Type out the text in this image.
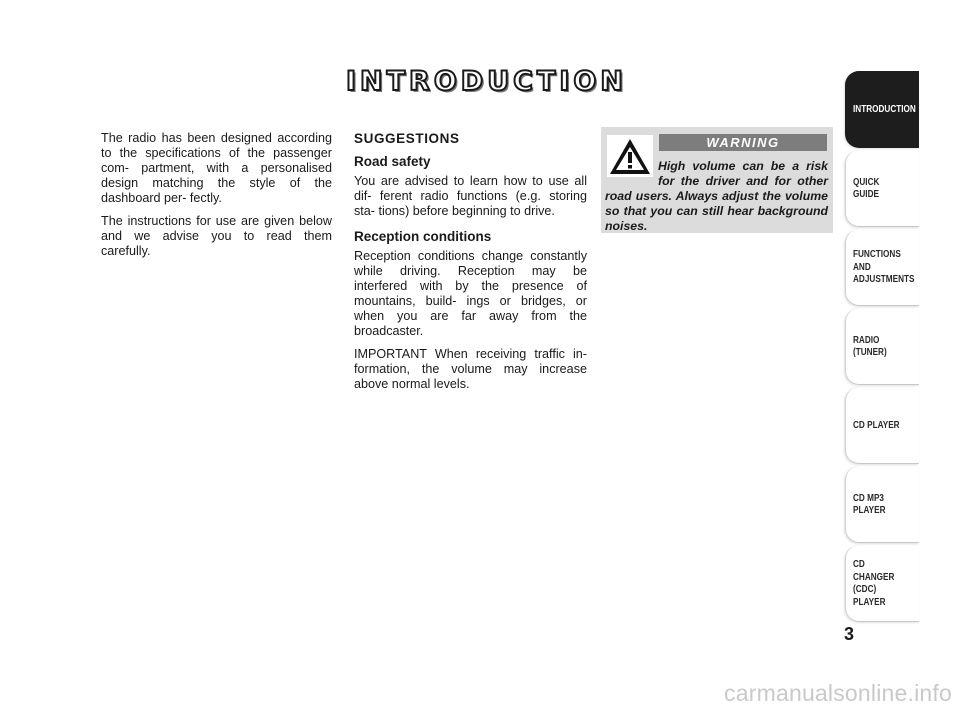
INTRODUCTION

The radio has been designed according to the specifications of the passenger com- partment, with a personalised design matching the style of the dashboard per- fectly.

The instructions for use are given below and we advise you to read them carefully.

SUGGESTIONS
Road safety

You are advised to learn how to use all dif- ferent radio functions (e.g. storing sta- tions) before beginning to drive.

Reception conditions

Reception conditions change constantly while driving. Reception may be interfered with by the presence of mountains, build- ings or bridges, or when you are far away from the broadcaster.

IMPORTANT When receiving traffic in- formation, the volume may increase above normal levels.

WARNING

High volume can be a risk for the driver and for other road users. Always adjust the volume so that you can still hear background noises.

INTRODUCTION
QUICK
GUIDE
FUNCTIONS
AND
ADJUSTMENTS
RADIO
(TUNER)
CD PLAYER
CD MP3
PLAYER
CD CHANGER
(CDC) PLAYER
3
carmanualsonline.info
